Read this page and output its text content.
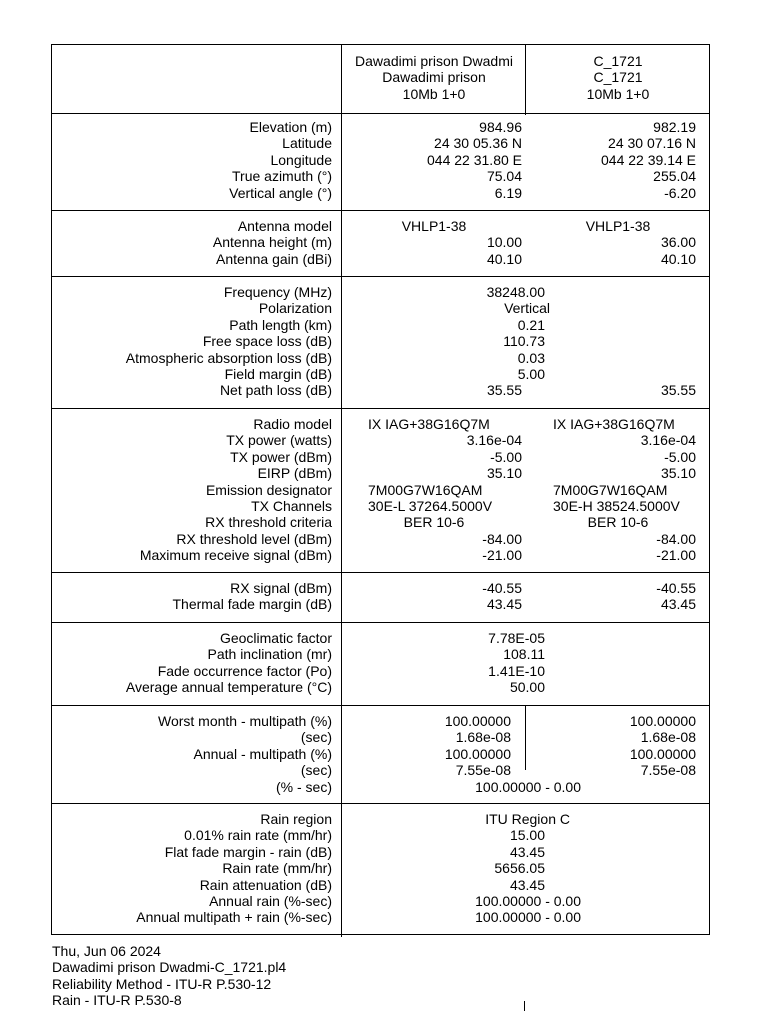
Dawadimi prison Dwadmi
Dawadimi prison
10Mb 1+0
C_1721
C_1721
10Mb 1+0
Elevation (m)
Latitude
Longitude
True azimuth (°)
Vertical angle (°)
984.96
24 30 05.36 N
044 22 31.80 E
75.04
6.19
982.19
24 30 07.16 N
044 22 39.14 E
255.04
-6.20
Antenna model
Antenna height (m)
Antenna gain (dBi)
VHLP1-38	VHLP1-38
10.00
40.10
36.00
40.10
Frequency (MHz)
Polarization
Path length (km)
Free space loss (dB)
Atmospheric absorption loss (dB)
Field margin (dB)
Net path loss (dB)
38248.00
Vertical
0.21
110.73
0.03
5.00
35.55	35.55
Radio model
TX power (watts)
TX power (dBm)
EIRP (dBm)
Emission designator
TX Channels
RX threshold criteria
RX threshold level (dBm)
Maximum receive signal (dBm)
IX IAG+38G16Q7M
3.16e-04
-5.00
35.10
7M00G7W16QAM
30E-L 37264.5000V
BER 10-6
-84.00
-21.00
IX IAG+38G16Q7M
3.16e-04
-5.00
35.10
7M00G7W16QAM
30E-H 38524.5000V
BER 10-6
-84.00
-21.00
RX signal (dBm)
Thermal fade margin (dB)
-40.55
43.45
-40.55
43.45
Geoclimatic factor
Path inclination (mr)
Fade occurrence factor (Po)
Average annual temperature (°C)
7.78E-05
108.11
1.41E-10
50.00
Worst month - multipath (%)
(sec)
Annual - multipath (%)
(sec)
(% - sec)
100.00000
1.68e-08
100.00000
7.55e-08
100.00000
1.68e-08
100.00000
7.55e-08
100.00000 - 0.00
Rain region
0.01% rain rate (mm/hr)
Flat fade margin - rain (dB)
Rain rate (mm/hr)
Rain attenuation (dB)
Annual rain (%-sec)
Annual multipath + rain (%-sec)
ITU Region C
15.00
43.45
5656.05
43.45
100.00000 - 0.00
100.00000 - 0.00
Thu, Jun 06 2024
Dawadimi prison Dwadmi-C_1721.pl4
Reliability Method - ITU-R P.530-12
Rain - ITU-R P.530-8
